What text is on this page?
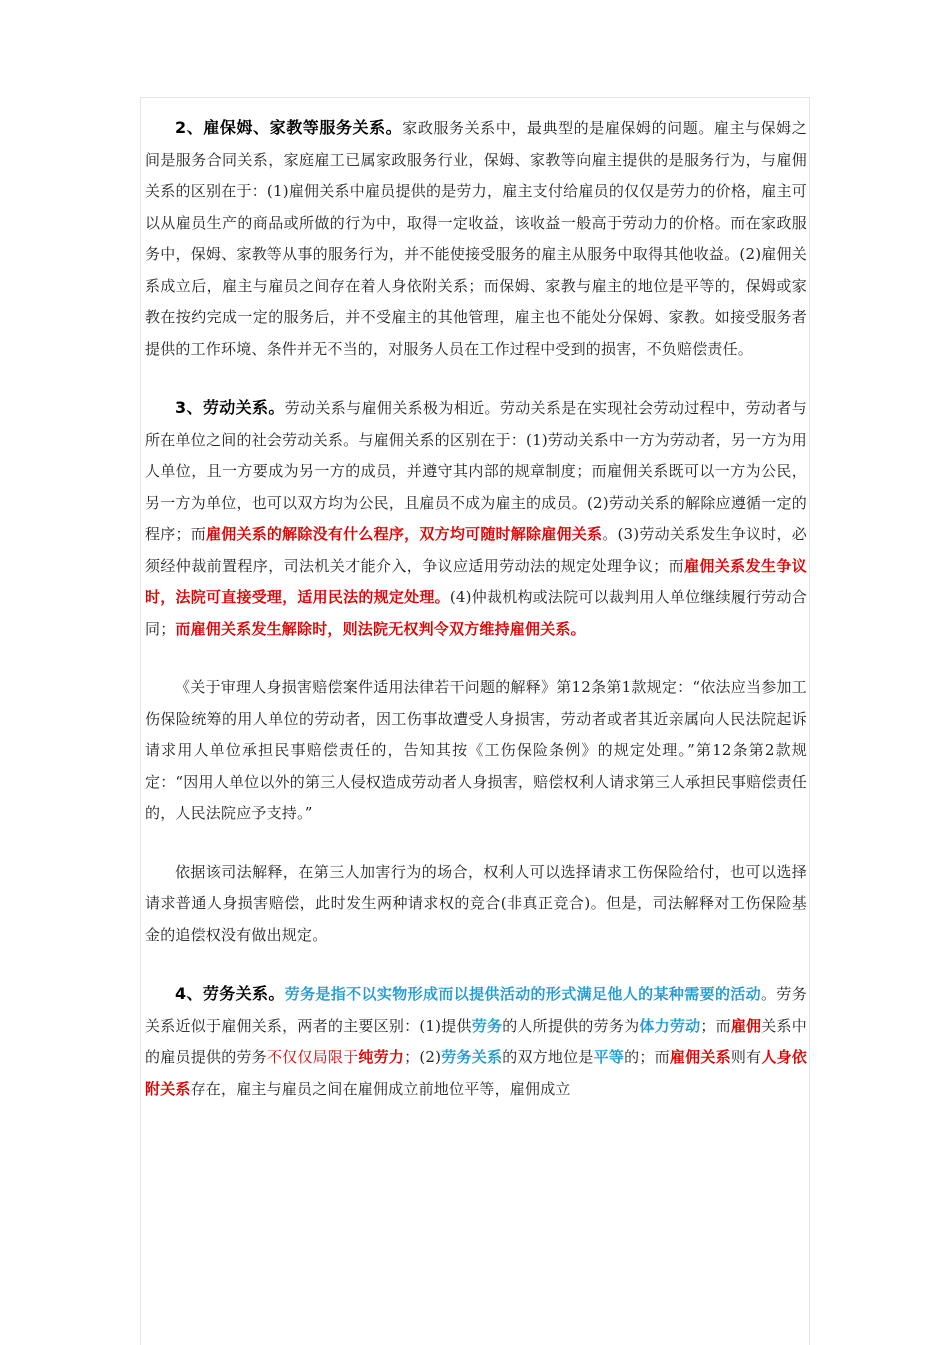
2、雇保姆、家教等服务关系。家政服务关系中，最典型的是雇保姆的问题。雇主与保姆之间是服务合同关系，家庭雇工已属家政服务行业，保姆、家教等向雇主提供的是服务行为，与雇佣关系的区别在于：(1)雇佣关系中雇员提供的是劳力，雇主支付给雇员的仅仅是劳力的价格，雇主可以从雇员生产的商品或所做的行为中，取得一定收益，该收益一般高于劳动力的价格。而在家政服务中，保姆、家教等从事的服务行为，并不能使接受服务的雇主从服务中取得其他收益。(2)雇佣关系成立后，雇主与雇员之间存在着人身依附关系；而保姆、家教与雇主的地位是平等的，保姆或家教在按约完成一定的服务后，并不受雇主的其他管理，雇主也不能处分保姆、家教。如接受服务者提供的工作环境、条件并无不当的，对服务人员在工作过程中受到的损害，不负赔偿责任。

3、劳动关系。劳动关系与雇佣关系极为相近。劳动关系是在实现社会劳动过程中，劳动者与所在单位之间的社会劳动关系。与雇佣关系的区别在于：(1)劳动关系中一方为劳动者，另一方为用人单位，且一方要成为另一方的成员，并遵守其内部的规章制度；而雇佣关系既可以一方为公民，另一方为单位，也可以双方均为公民，且雇员不成为雇主的成员。(2)劳动关系的解除应遵循一定的程序；而雇佣关系的解除没有什么程序，双方均可随时解除雇佣关系。(3)劳动关系发生争议时，必须经仲裁前置程序，司法机关才能介入，争议应适用劳动法的规定处理争议；而雇佣关系发生争议时，法院可直接受理，适用民法的规定处理。(4)仲裁机构或法院可以裁判用人单位继续履行劳动合同；而雇佣关系发生解除时，则法院无权判令双方维持雇佣关系。

《关于审理人身损害赔偿案件适用法律若干问题的解释》第12条第1款规定：“依法应当参加工伤保险统筹的用人单位的劳动者，因工伤事故遭受人身损害，劳动者或者其近亲属向人民法院起诉请求用人单位承担民事赔偿责任的，告知其按《工伤保险条例》的规定处理。”第12条第2款规定：“因用人单位以外的第三人侵权造成劳动者人身损害，赔偿权利人请求第三人承担民事赔偿责任的，人民法院应予支持。”

依据该司法解释，在第三人加害行为的场合，权利人可以选择请求工伤保险给付，也可以选择请求普通人身损害赔偿，此时发生两种请求权的竞合(非真正竞合)。但是，司法解释对工伤保险基金的追偿权没有做出规定。

4、劳务关系。劳务是指不以实物形成而以提供活动的形式满足他人的某种需要的活动。劳务关系近似于雇佣关系，两者的主要区别：(1)提供劳务的人所提供的劳务为体力劳动；而雇佣关系中的雇员提供的劳务不仅仅局限于纯劳力；(2)劳务关系的双方地位是平等的；而雇佣关系则有人身依附关系存在，雇主与雇员之间在雇佣成立前地位平等，雇佣成立
